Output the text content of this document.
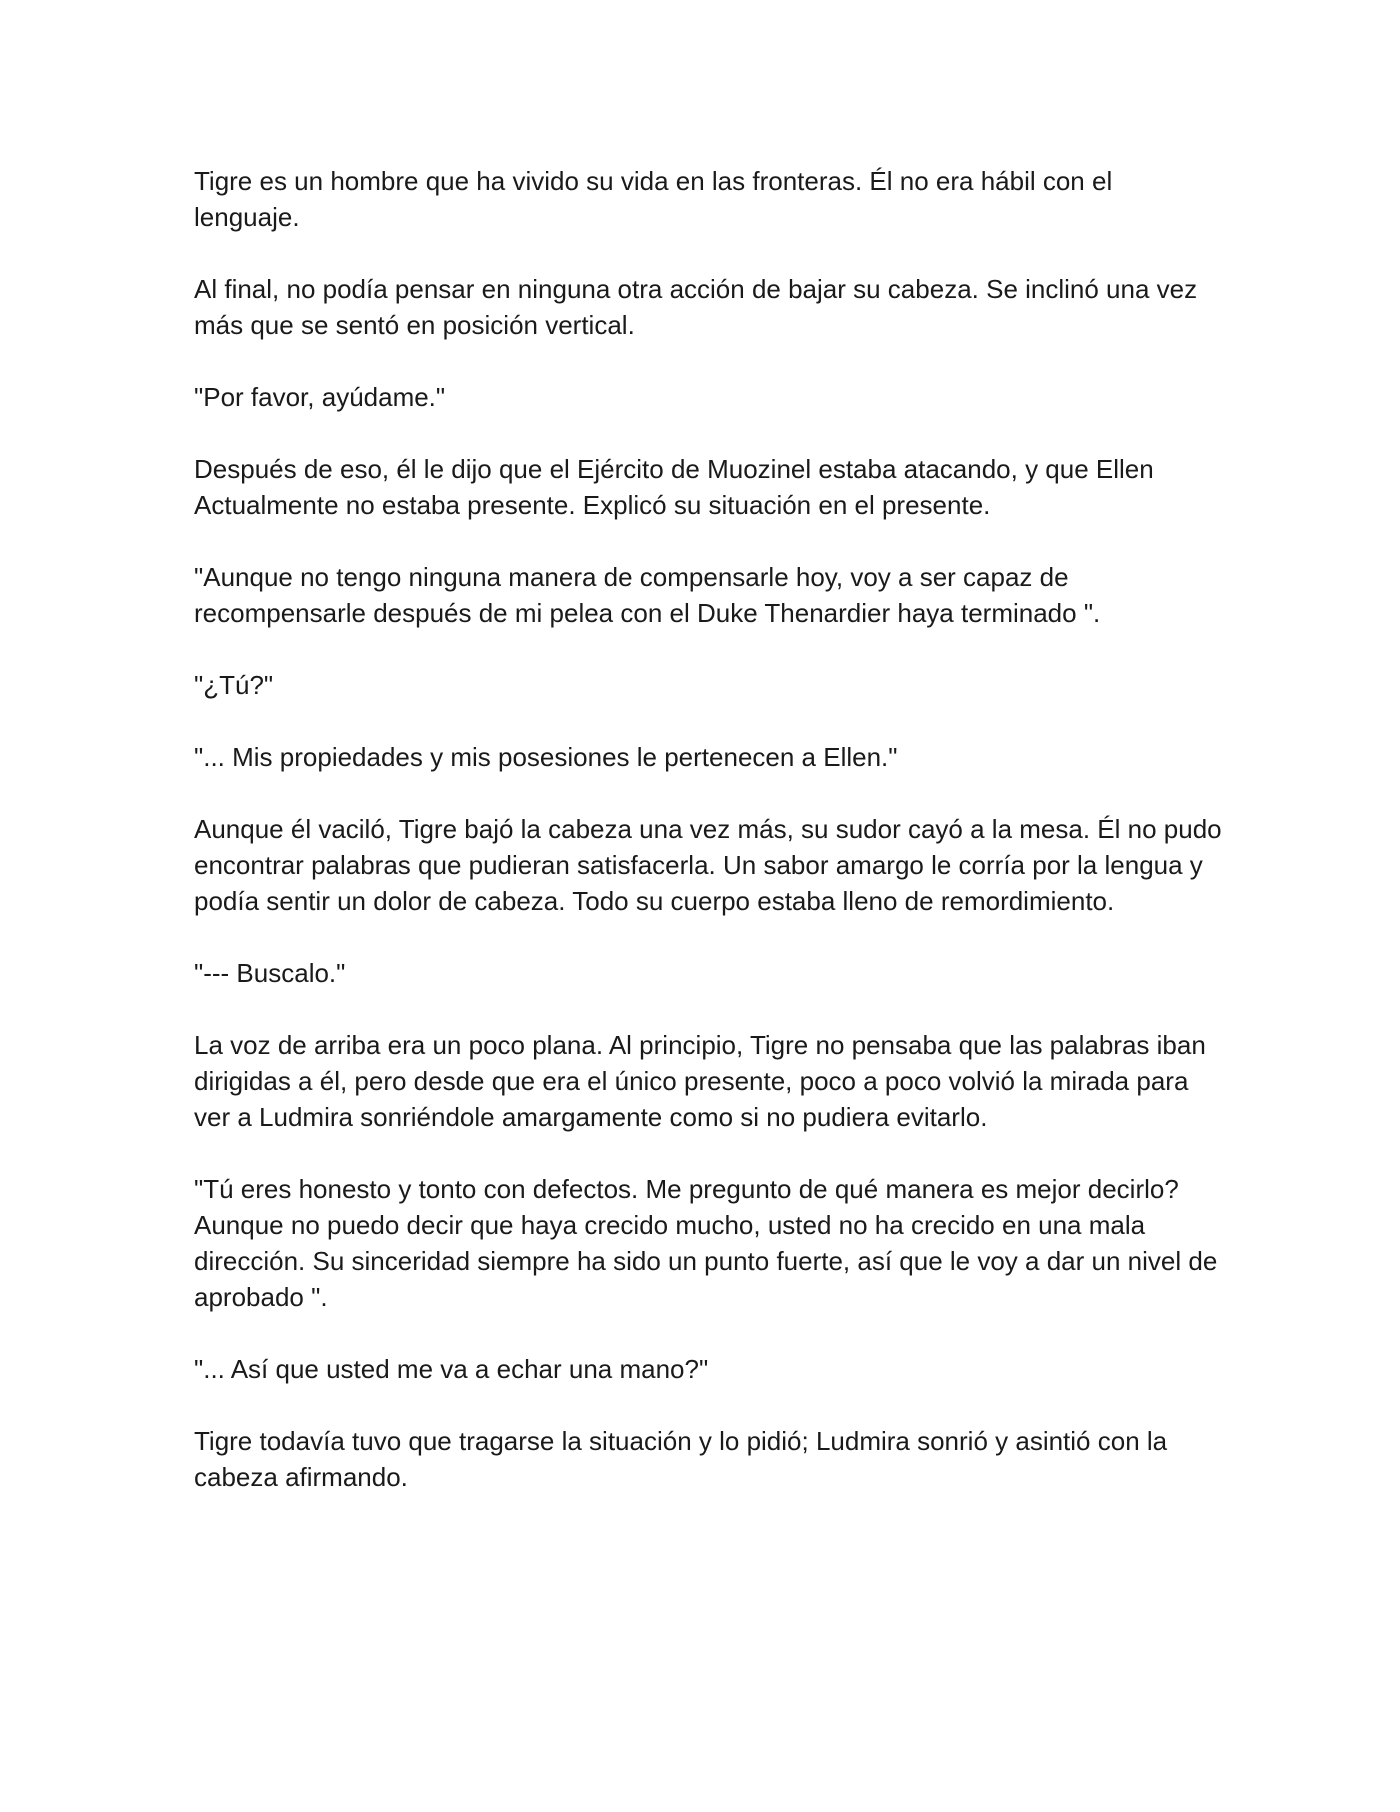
Tigre es un hombre que ha vivido su vida en las fronteras. Él no era hábil con el lenguaje.

Al final, no podía pensar en ninguna otra acción de bajar su cabeza. Se inclinó una vez más que se sentó en posición vertical.

"Por favor, ayúdame."

Después de eso, él le dijo que el Ejército de Muozinel estaba atacando, y que Ellen Actualmente no estaba presente. Explicó su situación en el presente.

"Aunque no tengo ninguna manera de compensarle hoy, voy a ser capaz de recompensarle después de mi pelea con el Duke Thenardier haya terminado ".

"¿Tú?"

"... Mis propiedades y mis posesiones le pertenecen a Ellen."

Aunque él vaciló, Tigre bajó la cabeza una vez más, su sudor cayó a la mesa. Él no pudo encontrar palabras que pudieran satisfacerla. Un sabor amargo le corría por la lengua y podía sentir un dolor de cabeza. Todo su cuerpo estaba lleno de remordimiento.

"--- Buscalo."

La voz de arriba era un poco plana. Al principio, Tigre no pensaba que las palabras iban dirigidas a él, pero desde que era el único presente, poco a poco volvió la mirada para ver a Ludmira sonriéndole amargamente como si no pudiera evitarlo.

"Tú eres honesto y tonto con defectos. Me pregunto de qué manera es mejor decirlo? Aunque no puedo decir que haya crecido mucho, usted no ha crecido en una mala dirección. Su sinceridad siempre ha sido un punto fuerte, así que le voy a dar un nivel de aprobado ".

"... Así que usted me va a echar una mano?"

Tigre todavía tuvo que tragarse la situación y lo pidió; Ludmira sonrió y asintió con la cabeza afirmando.
